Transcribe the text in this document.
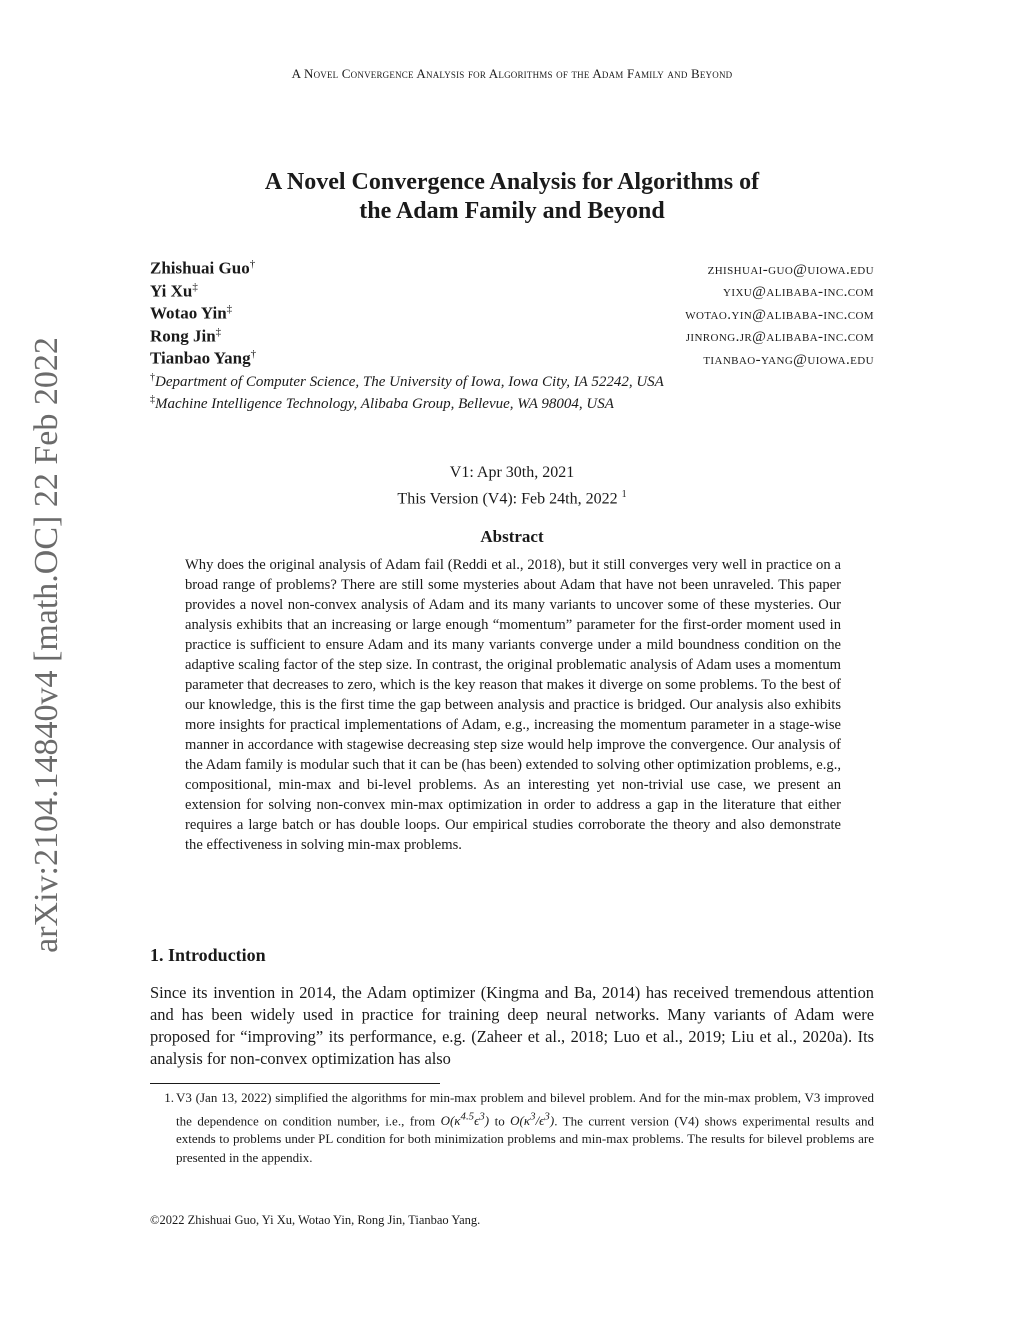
A Novel Convergence Analysis for Algorithms of the Adam Family and Beyond
arXiv:2104.14840v4 [math.OC] 22 Feb 2022
A Novel Convergence Analysis for Algorithms of
the Adam Family and Beyond
Zhishuai Guo†	zhishuai-guo@uiowa.edu
Yi Xu‡	yixu@alibaba-inc.com
Wotao Yin‡	wotao.yin@alibaba-inc.com
Rong Jin‡	jinrong.jr@alibaba-inc.com
Tianbao Yang†	tianbao-yang@uiowa.edu
†Department of Computer Science, The University of Iowa, Iowa City, IA 52242, USA
‡Machine Intelligence Technology, Alibaba Group, Bellevue, WA 98004, USA
V1: Apr 30th, 2021
This Version (V4): Feb 24th, 2022 $^1$
Abstract

Why does the original analysis of Adam fail (Reddi et al., 2018), but it still converges very well in practice on a broad range of problems? There are still some mysteries about Adam that have not been unraveled. This paper provides a novel non-convex analysis of Adam and its many variants to uncover some of these mysteries. Our analysis exhibits that an increasing or large enough “momentum” parameter for the first-order moment used in practice is sufficient to ensure Adam and its many variants converge under a mild boundness condition on the adaptive scaling factor of the step size. In contrast, the original problematic analysis of Adam uses a momentum parameter that decreases to zero, which is the key reason that makes it diverge on some problems. To the best of our knowledge, this is the first time the gap between analysis and practice is bridged. Our analysis also exhibits more insights for practical implementations of Adam, e.g., increasing the momentum parameter in a stage-wise manner in accordance with stagewise decreasing step size would help improve the convergence. Our analysis of the Adam family is modular such that it can be (has been) extended to solving other optimization problems, e.g., compositional, min-max and bi-level problems. As an interesting yet non-trivial use case, we present an extension for solving non-convex min-max optimization in order to address a gap in the literature that either requires a large batch or has double loops. Our empirical studies corroborate the theory and also demonstrate the effectiveness in solving min-max problems.

1. Introduction

Since its invention in 2014, the Adam optimizer (Kingma and Ba, 2014) has received tremendous attention and has been widely used in practice for training deep neural networks. Many variants of Adam were proposed for “improving” its performance, e.g. (Zaheer et al., 2018; Luo et al., 2019; Liu et al., 2020a). Its analysis for non-convex optimization has also

1. V3 (Jan 13, 2022) simplified the algorithms for min-max problem and bilevel problem. And for the min-max problem, V3 improved the dependence on condition number, i.e., from $O(\kappa^{4.5}\epsilon^3)$ to $O(\kappa^3/\epsilon^3)$. The current version (V4) shows experimental results and extends to problems under PL condition for both minimization problems and min-max problems. The results for bilevel problems are presented in the appendix.

©2022 Zhishuai Guo, Yi Xu, Wotao Yin, Rong Jin, Tianbao Yang.
